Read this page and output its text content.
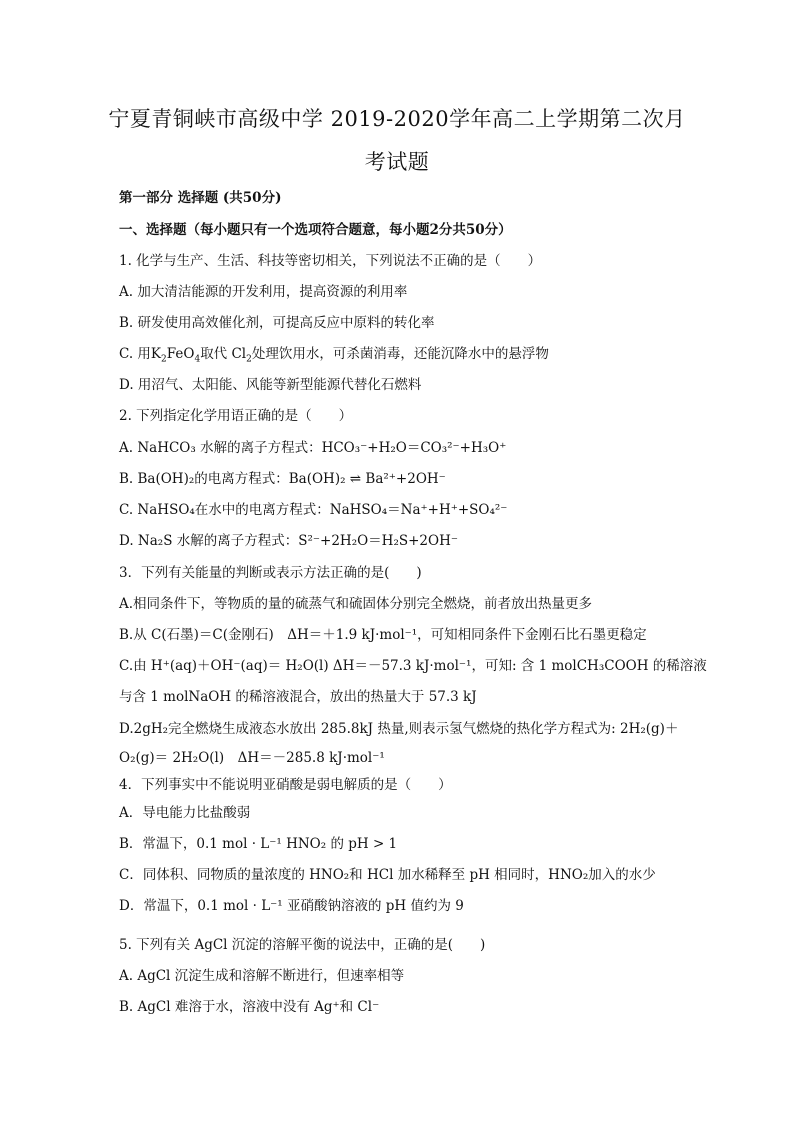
宁夏青铜峡市高级中学 2019-2020学年高二上学期第二次月
考试题
第一部分 选择题 (共50分)
一、选择题（每小题只有一个选项符合题意，每小题2分共50分）
1. 化学与生产、生活、科技等密切相关，下列说法不正确的是（　　）
A. 加大清洁能源的开发利用，提高资源的利用率
B. 研发使用高效催化剂，可提高反应中原料的转化率
C. 用$K_2FeO_4$取代 $Cl_2$处理饮用水，可杀菌消毒，还能沉降水中的悬浮物
D. 用沼气、太阳能、风能等新型能源代替化石燃料
2. 下列指定化学用语正确的是（　　）
A. NaHCO₃ 水解的离子方程式：HCO₃⁻+H₂O＝CO₃²⁻+H₃O⁺
B. Ba(OH)₂的电离方程式：Ba(OH)₂ ⇌ Ba²⁺+2OH⁻
C. NaHSO₄在水中的电离方程式：NaHSO₄＝Na⁺+H⁺+SO₄²⁻
D. Na₂S 水解的离子方程式：S²⁻+2H₂O＝H₂S+2OH⁻
3．下列有关能量的判断或表示方法正确的是(　　)
A.相同条件下，等物质的量的硫蒸气和硫固体分别完全燃烧，前者放出热量更多
B.从 C(石墨)＝C(金刚石)　ΔH＝＋1.9 kJ·mol⁻¹，可知相同条件下金刚石比石墨更稳定
C.由 H⁺(aq)＋OH⁻(aq)＝ H₂O(l) ΔH＝－57.3 kJ·mol⁻¹，可知: 含 1 molCH₃COOH 的稀溶液
与含 1 molNaOH 的稀溶液混合，放出的热量大于 57.3 kJ
D.2gH₂完全燃烧生成液态水放出 285.8kJ 热量,则表示氢气燃烧的热化学方程式为: 2H₂(g)＋
O₂(g)＝ 2H₂O(l)　ΔH＝－285.8 kJ·mol⁻¹
4．下列事实中不能说明亚硝酸是弱电解质的是（　　）
A．导电能力比盐酸弱
B．常温下，0.1 mol · L⁻¹ HNO₂ 的 pH > 1
C．同体积、同物质的量浓度的 HNO₂和 HCl 加水稀释至 pH 相同时，HNO₂加入的水少
D．常温下，0.1 mol · L⁻¹ 亚硝酸钠溶液的 pH 值约为 9
5. 下列有关 AgCl 沉淀的溶解平衡的说法中，正确的是(　　)
A. AgCl 沉淀生成和溶解不断进行，但速率相等
B. AgCl 难溶于水，溶液中没有 Ag⁺和 Cl⁻
